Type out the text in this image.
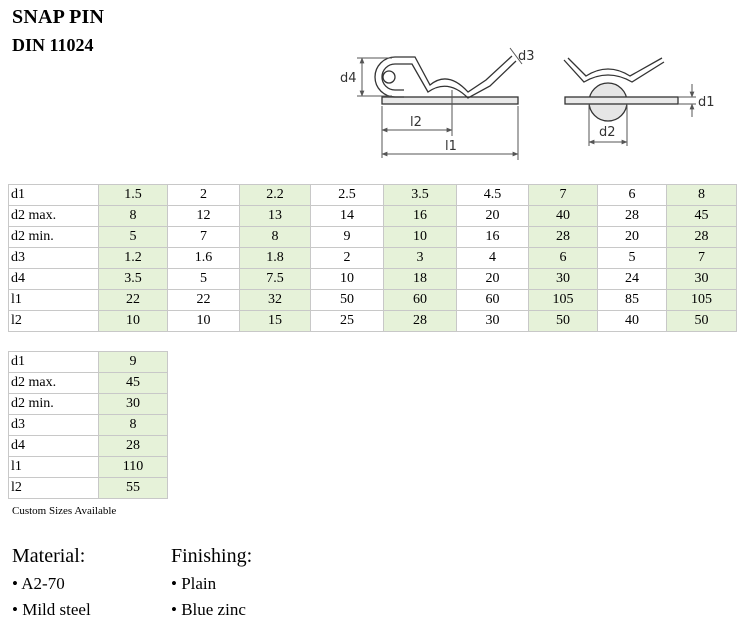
SNAP PIN
DIN 11024
d4
d3
l2
l1
d1
d2
d1	1.5	2	2.2	2.5	3.5	4.5	7	6	8
d2 max.	8	12	13	14	16	20	40	28	45
d2 min.	5	7	8	9	10	16	28	20	28
d3	1.2	1.6	1.8	2	3	4	6	5	7
d4	3.5	5	7.5	10	18	20	30	24	30
l1	22	22	32	50	60	60	105	85	105
l2	10	10	15	25	28	30	50	40	50
d1	9
d2 max.	45
d2 min.	30
d3	8
d4	28
l1	110
l2	55
Custom Sizes Available
Material:
• A2-70
• Mild steel
Finishing:
• Plain
• Blue zinc
